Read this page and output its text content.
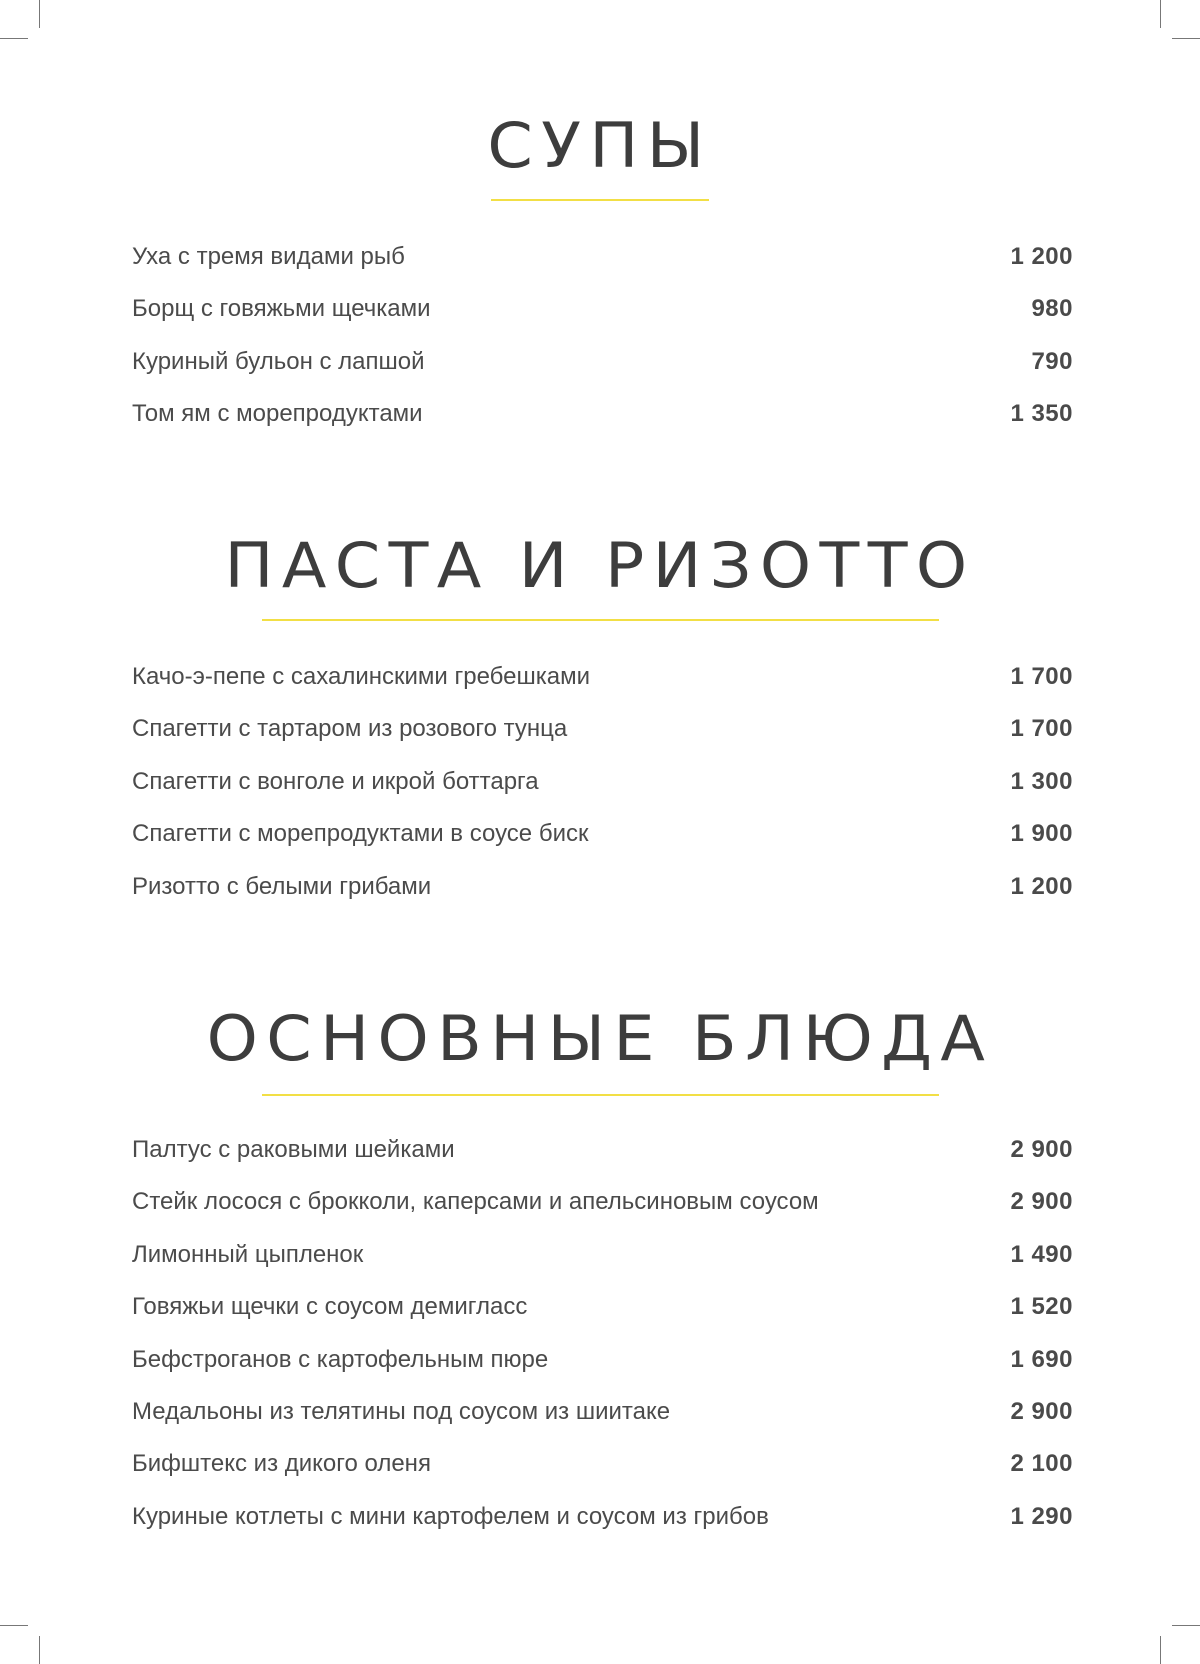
СУПЫ
Уха с тремя видами рыб	1 200
Борщ с говяжьми щечками	980
Куриный бульон с лапшой	790
Том ям с морепродуктами	1 350
ПАСТА И РИЗОТТО
Качо-э-пепе с сахалинскими гребешками	1 700
Спагетти с тартаром из розового тунца	1 700
Спагетти с вонголе и икрой боттарга	1 300
Спагетти с морепродуктами в соусе биск	1 900
Ризотто с белыми грибами	1 200
ОСНОВНЫЕ БЛЮДА
Палтус с раковыми шейками	2 900
Стейк лосося с брокколи, каперсами и апельсиновым соусом	2 900
Лимонный цыпленок	1 490
Говяжьи щечки с соусом демигласс	1 520
Бефстроганов с картофельным пюре	1 690
Медальоны из телятины под соусом из шиитаке	2 900
Бифштекс из дикого оленя	2 100
Куриные котлеты с мини картофелем и соусом из грибов	1 290
